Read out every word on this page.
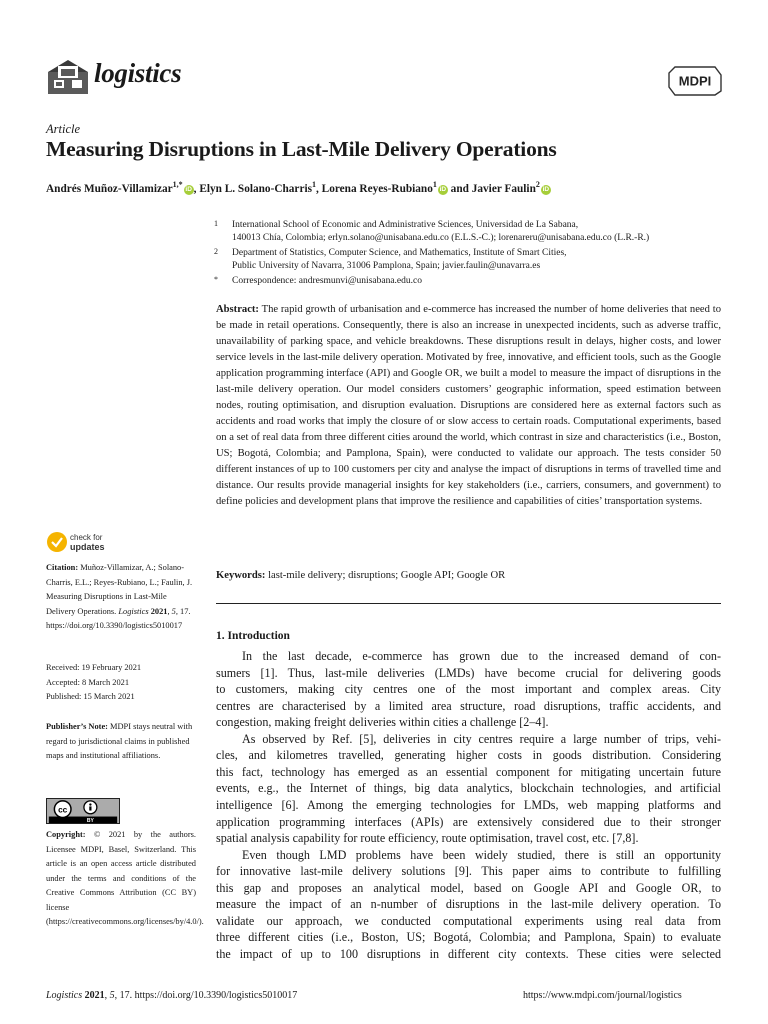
logistics	MDPI
Article
Measuring Disruptions in Last-Mile Delivery Operations
Andrés Muñoz-Villamizar$^{1,*}$iD , Elyn L. Solano-Charris$^1$, Lorena Reyes-Rubiano$^1$iD and Javier Faulin$^2$iD
1 International School of Economic and Administrative Sciences, Universidad de La Sabana,
140013 Chía, Colombia; erlyn.solano@unisabana.edu.co (E.L.S.-C.); lorenareru@unisabana.edu.co (L.R.-R.)
2 Department of Statistics, Computer Science, and Mathematics, Institute of Smart Cities,
Public University of Navarra, 31006 Pamplona, Spain; javier.faulin@unavarra.es
* Correspondence: andresmunvi@unisabana.edu.co
Abstract: The rapid growth of urbanisation and e-commerce has increased the number of home deliveries that need to be made in retail operations. Consequently, there is also an increase in unexpected incidents, such as adverse traffic, unavailability of parking space, and vehicle breakdowns. These disruptions result in delays, higher costs, and lower service levels in the last-mile delivery operation. Motivated by free, innovative, and efficient tools, such as the Google application programming interface (API) and Google OR, we built a model to measure the impact of disruptions in the last-mile delivery operation. Our model considers customers’ geographic information, speed estimation between nodes, routing optimisation, and disruption evaluation. Disruptions are considered here as external factors such as accidents and road works that imply the closure of or slow access to certain roads. Computational experiments, based on a set of real data from three different cities around the world, which contrast in size and characteristics (i.e., Boston, US; Bogotá, Colombia; and Pamplona, Spain), were conducted to validate our approach. The tests consider 50 different instances of up to 100 customers per city and analyse the impact of disruptions in terms of travelled time and distance. Our results provide managerial insights for key stakeholders (i.e., carriers, consumers, and government) to define policies and development plans that improve the resilience and capabilities of cities’ transportation systems.
Keywords: last-mile delivery; disruptions; Google API; Google OR
1. Introduction
In the last decade, e-commerce has grown due to the increased demand of con-
sumers [1]. Thus, last-mile deliveries (LMDs) have become crucial for delivering goods
to customers, making city centres one of the most important and complex areas. City
centres are characterised by a limited area structure, road disruptions, traffic accidents, and
congestion, making freight deliveries within cities a challenge [2–4].
As observed by Ref. [5], deliveries in city centres require a large number of trips, vehi-
cles, and kilometres travelled, generating higher costs in goods distribution. Considering
this fact, technology has emerged as an essential component for mitigating uncertain future
events, e.g., the Internet of things, big data analytics, blockchain technologies, and artificial
intelligence [6]. Among the emerging technologies for LMDs, web mapping platforms and
application programming interfaces (APIs) are extensively considered due to their stronger
spatial analysis capability for route efficiency, route optimisation, travel cost, etc. [7,8].
Even though LMD problems have been widely studied, there is still an opportunity
for innovative last-mile delivery solutions [9]. This paper aims to contribute to fulfilling
this gap and proposes an analytical model, based on Google API and Google OR, to
measure the impact of an n-number of disruptions in the last-mile delivery operation. To
validate our approach, we conducted computational experiments using real data from
three different cities (i.e., Boston, US; Bogotá, Colombia; and Pamplona, Spain) to evaluate
the impact of up to 100 disruptions in different city contexts. These cities were selected
check for
updates
Citation: Muñoz-Villamizar, A.; Solano-Charris, E.L.; Reyes-Rubiano, L.; Faulin, J. Measuring Disruptions in Last-Mile Delivery Operations. Logistics 2021, 5, 17. https://doi.org/10.3390/logistics5010017
Received: 19 February 2021
Accepted: 8 March 2021
Published: 15 March 2021
Publisher’s Note: MDPI stays neutral with regard to jurisdictional claims in published maps and institutional affiliations.
cc
BY
Copyright: © 2021 by the authors. Licensee MDPI, Basel, Switzerland. This article is an open access article distributed under the terms and conditions of the Creative Commons Attribution (CC BY) license (https://creativecommons.org/licenses/by/4.0/).
Logistics 2021, 5, 17. https://doi.org/10.3390/logistics5010017	https://www.mdpi.com/journal/logistics
